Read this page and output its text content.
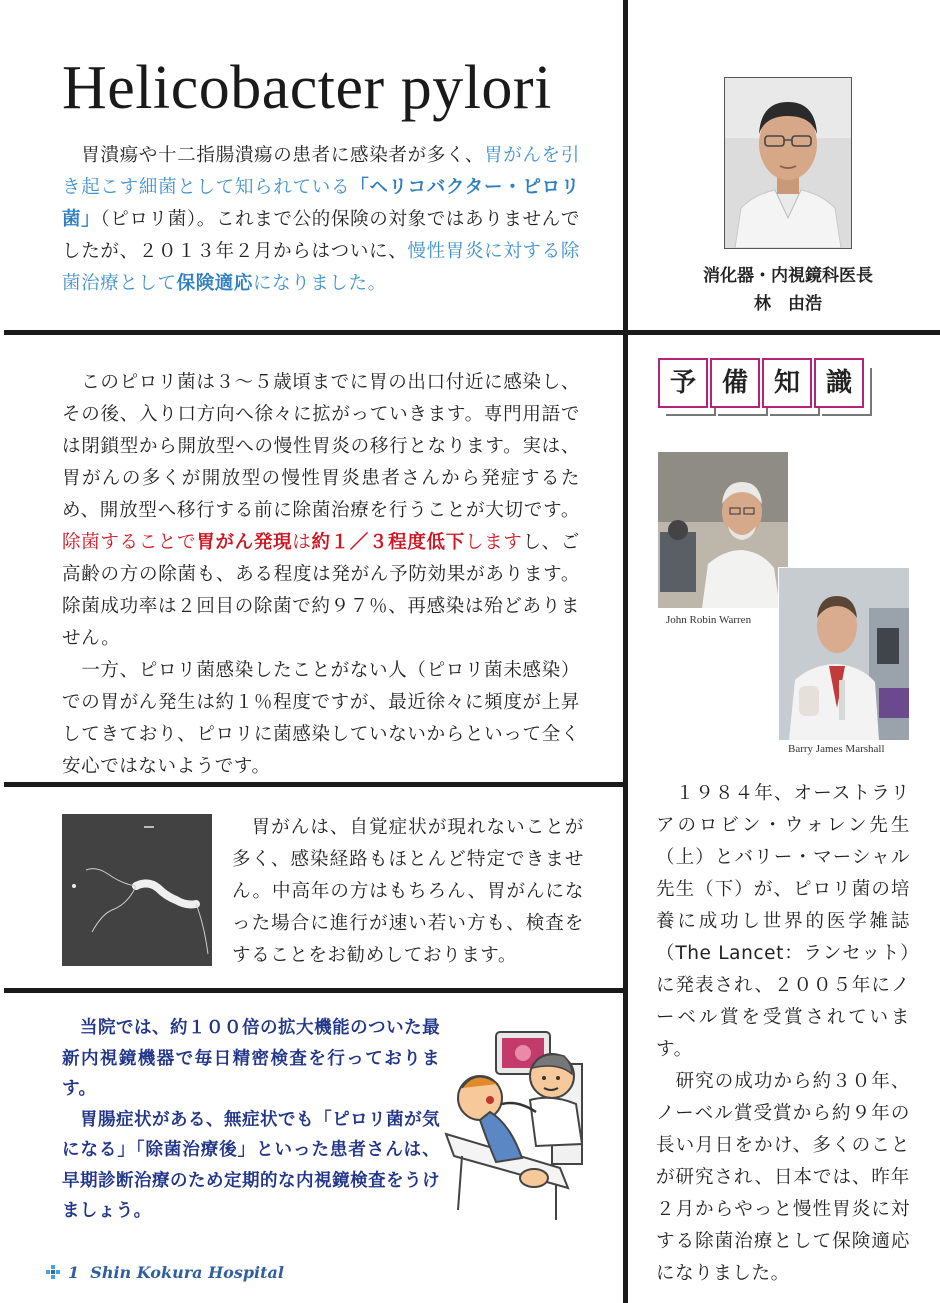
Helicobacter pylori
　胃潰瘍や十二指腸潰瘍の患者に感染者が多く、胃がんを引き起こす細菌として知られている「ヘリコバクター・ピロリ菌」（ピロリ菌）。これまで公的保険の対象ではありませんでしたが、２０１３年２月からはついに、慢性胃炎に対する除菌治療として保険適応になりました。	消化器・内視鏡科医長
林　由浩
　このピロリ菌は３〜５歳頃までに胃の出口付近に感染し、その後、入り口方向へ徐々に拡がっていきます。専門用語では閉鎖型から開放型への慢性胃炎の移行となります。実は、胃がんの多くが開放型の慢性胃炎患者さんから発症するため、開放型へ移行する前に除菌治療を行うことが大切です。除菌することで胃がん発現は約１／３程度低下しますし、ご高齢の方の除菌も、ある程度は発がん予防効果があります。除菌成功率は２回目の除菌で約９７％、再感染は殆どありません。
　一方、ピロリ菌感染したことがない人（ピロリ菌未感染）での胃がん発生は約１％程度ですが、最近徐々に頻度が上昇してきており、ピロリに菌感染していないからといって全く安心ではないようです。
予 備 知 識
John Robin Warren
Barry James Marshall
　１９８４年、オーストラリアのロビン・ウォレン先生（上）とバリー・マーシャル先生（下）が、ピロリ菌の培養に成功し世界的医学雑誌（The Lancet：ランセット）に発表され、２００５年にノーベル賞を受賞されています。
　研究の成功から約３０年、ノーベル賞受賞から約９年の長い月日をかけ、多くのことが研究され、日本では、昨年２月からやっと慢性胃炎に対する除菌治療として保険適応になりました。
　胃がんは、自覚症状が現れないことが多く、感染経路もほとんど特定できません。中高年の方はもちろん、胃がんになった場合に進行が速い若い方も、検査をすることをお勧めしております。
　当院では、約１００倍の拡大機能のついた最新内視鏡機器で毎日精密検査を行っております。
　胃腸症状がある、無症状でも「ピロリ菌が気になる」「除菌治療後」といった患者さんは、早期診断治療のため定期的な内視鏡検査をうけましょう。
1 Shin Kokura Hospital
